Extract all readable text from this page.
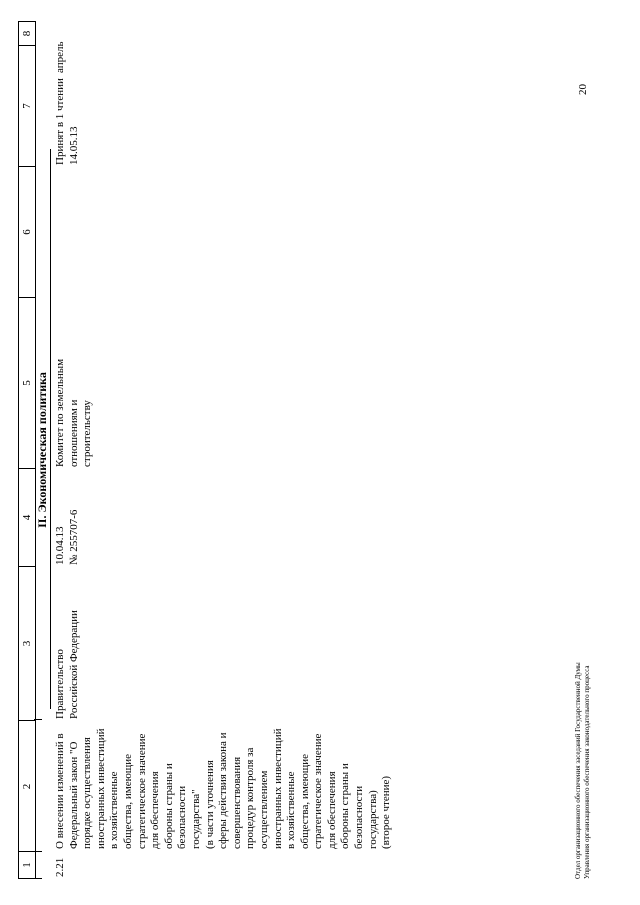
1
2
3
4
5
6
7
8
II. Экономическая политика
2.21
О внесении изменений в
Федеральный закон "О
порядке осуществления
иностранных инвестиций
в хозяйственные
общества, имеющие
стратегическое значение
для обеспечения
обороны страны и
безопасности
государства"
(в части уточнения
сферы действия закона и
совершенствования
процедур контроля за
осуществлением
иностранных инвестиций
в хозяйственные
общества, имеющие
стратегическое значение
для обеспечения
обороны страны и
безопасности
государства)
(второе чтение)
Правительство
Российской Федерации
10.04.13 № 255707-6
Комитет по земельным
отношениям и
строительству
Принят в 1 чтении
14.05.13
апрель
20
Отдел организационного обеспечения заседаний Государственной Думы Управления организационного обеспечения законодательного процесса
